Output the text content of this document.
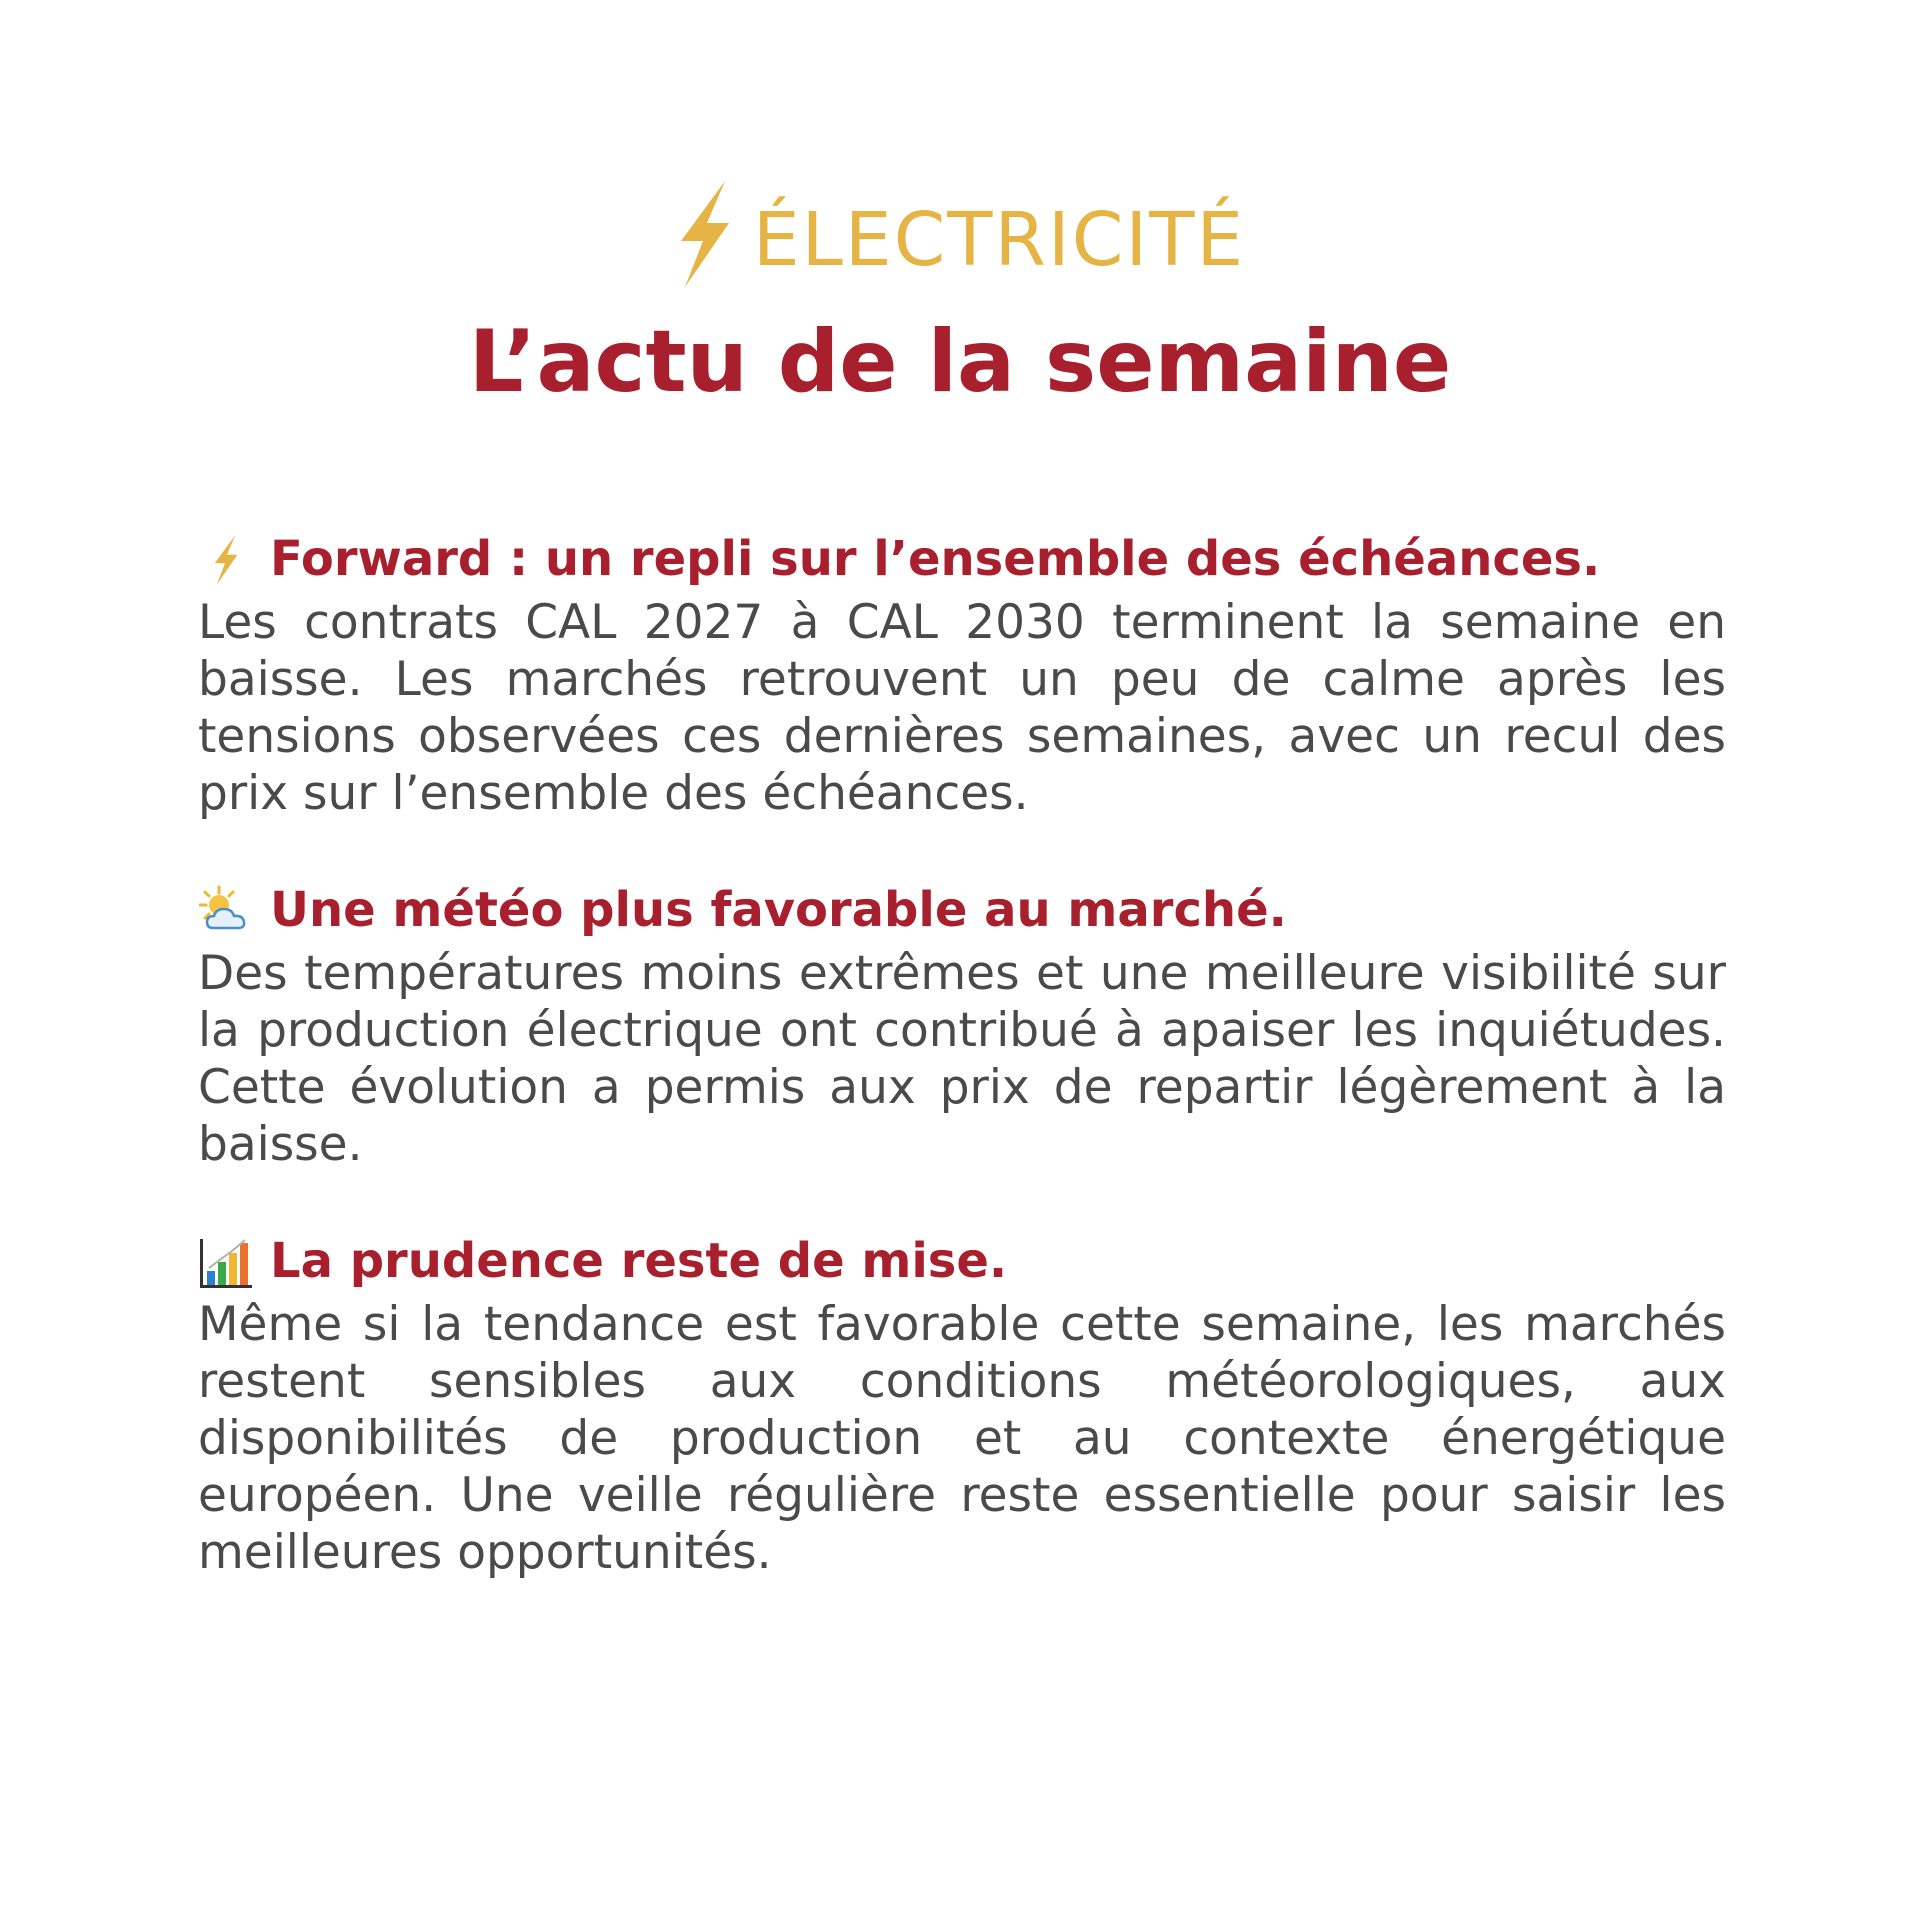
ÉLECTRICITÉ
L’actu de la semaine
Forward : un repli sur l’ensemble des échéances.

Les contrats CAL 2027 à CAL 2030 terminent la semaine en baisse. Les marchés retrouvent un peu de calme après les tensions observées ces dernières semaines, avec un recul des prix sur l’ensemble des échéances.

Une météo plus favorable au marché.

Des températures moins extrêmes et une meilleure visibilité sur la production électrique ont contribué à apaiser les inquiétudes. Cette évolution a permis aux prix de repartir légèrement à la baisse.

La prudence reste de mise.

Même si la tendance est favorable cette semaine, les marchés restent sensibles aux conditions météorologiques, aux disponibilités de production et au contexte énergétique européen. Une veille régulière reste essentielle pour saisir les meilleures opportunités.
